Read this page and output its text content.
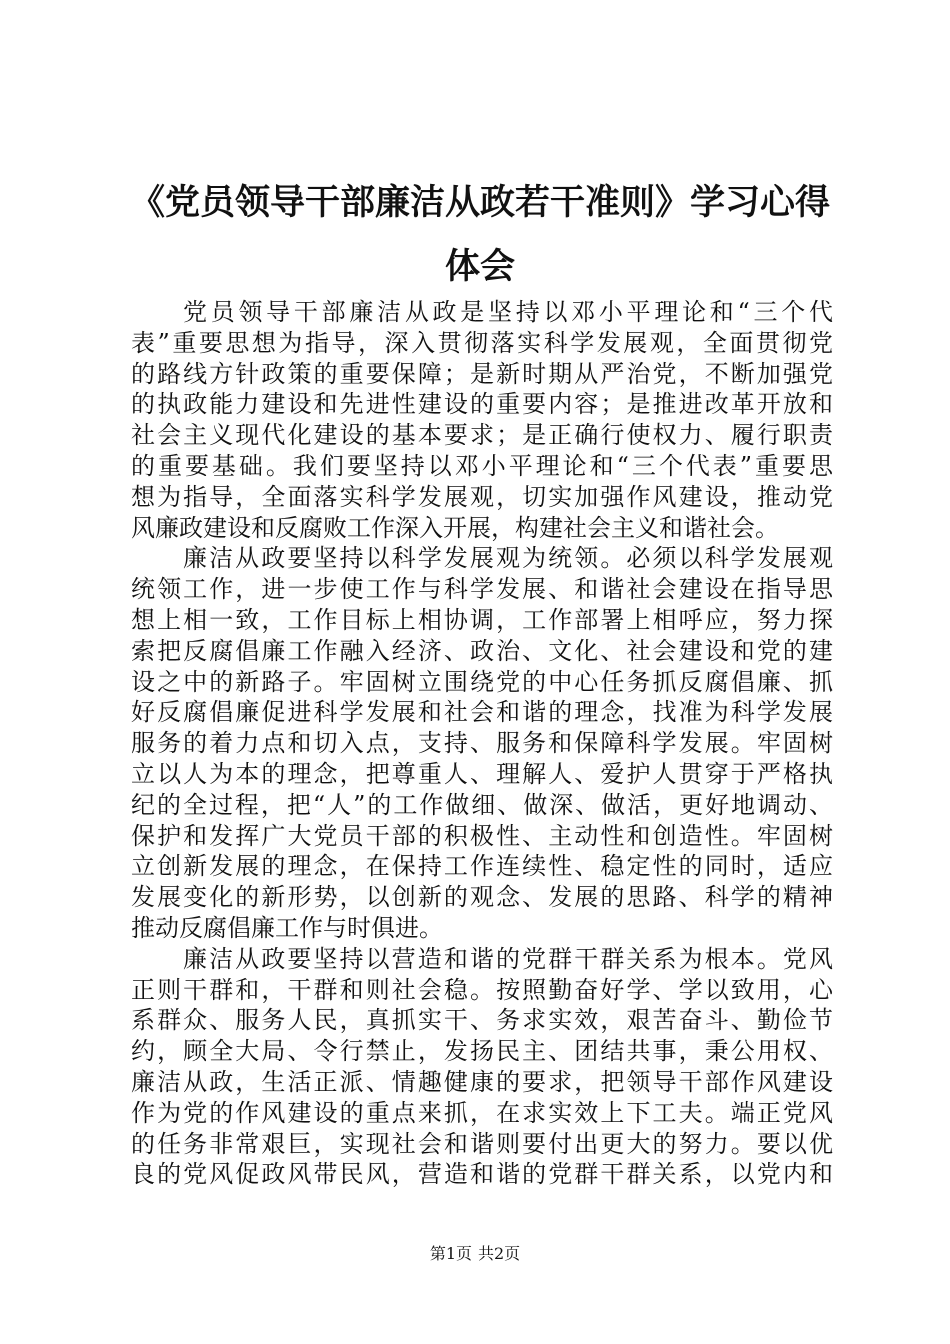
《党员领导干部廉洁从政若干准则》学习心得
体会
党员领导干部廉洁从政是坚持以邓小平理论和“三个代
表”重要思想为指导，深入贯彻落实科学发展观，全面贯彻党
的路线方针政策的重要保障；是新时期从严治党，不断加强党
的执政能力建设和先进性建设的重要内容；是推进改革开放和
社会主义现代化建设的基本要求；是正确行使权力、履行职责
的重要基础。我们要坚持以邓小平理论和“三个代表”重要思
想为指导，全面落实科学发展观，切实加强作风建设，推动党
风廉政建设和反腐败工作深入开展，构建社会主义和谐社会。
廉洁从政要坚持以科学发展观为统领。必须以科学发展观
统领工作，进一步使工作与科学发展、和谐社会建设在指导思
想上相一致，工作目标上相协调，工作部署上相呼应，努力探
索把反腐倡廉工作融入经济、政治、文化、社会建设和党的建
设之中的新路子。牢固树立围绕党的中心任务抓反腐倡廉、抓
好反腐倡廉促进科学发展和社会和谐的理念，找准为科学发展
服务的着力点和切入点，支持、服务和保障科学发展。牢固树
立以人为本的理念，把尊重人、理解人、爱护人贯穿于严格执
纪的全过程，把“人”的工作做细、做深、做活，更好地调动、
保护和发挥广大党员干部的积极性、主动性和创造性。牢固树
立创新发展的理念，在保持工作连续性、稳定性的同时，适应
发展变化的新形势，以创新的观念、发展的思路、科学的精神
推动反腐倡廉工作与时俱进。
廉洁从政要坚持以营造和谐的党群干群关系为根本。党风
正则干群和，干群和则社会稳。按照勤奋好学、学以致用，心
系群众、服务人民，真抓实干、务求实效，艰苦奋斗、勤俭节
约，顾全大局、令行禁止，发扬民主、团结共事，秉公用权、
廉洁从政，生活正派、情趣健康的要求，把领导干部作风建设
作为党的作风建设的重点来抓，在求实效上下工夫。端正党风
的任务非常艰巨，实现社会和谐则要付出更大的努力。要以优
良的党风促政风带民风，营造和谐的党群干群关系，以党内和
第1页 共2页
